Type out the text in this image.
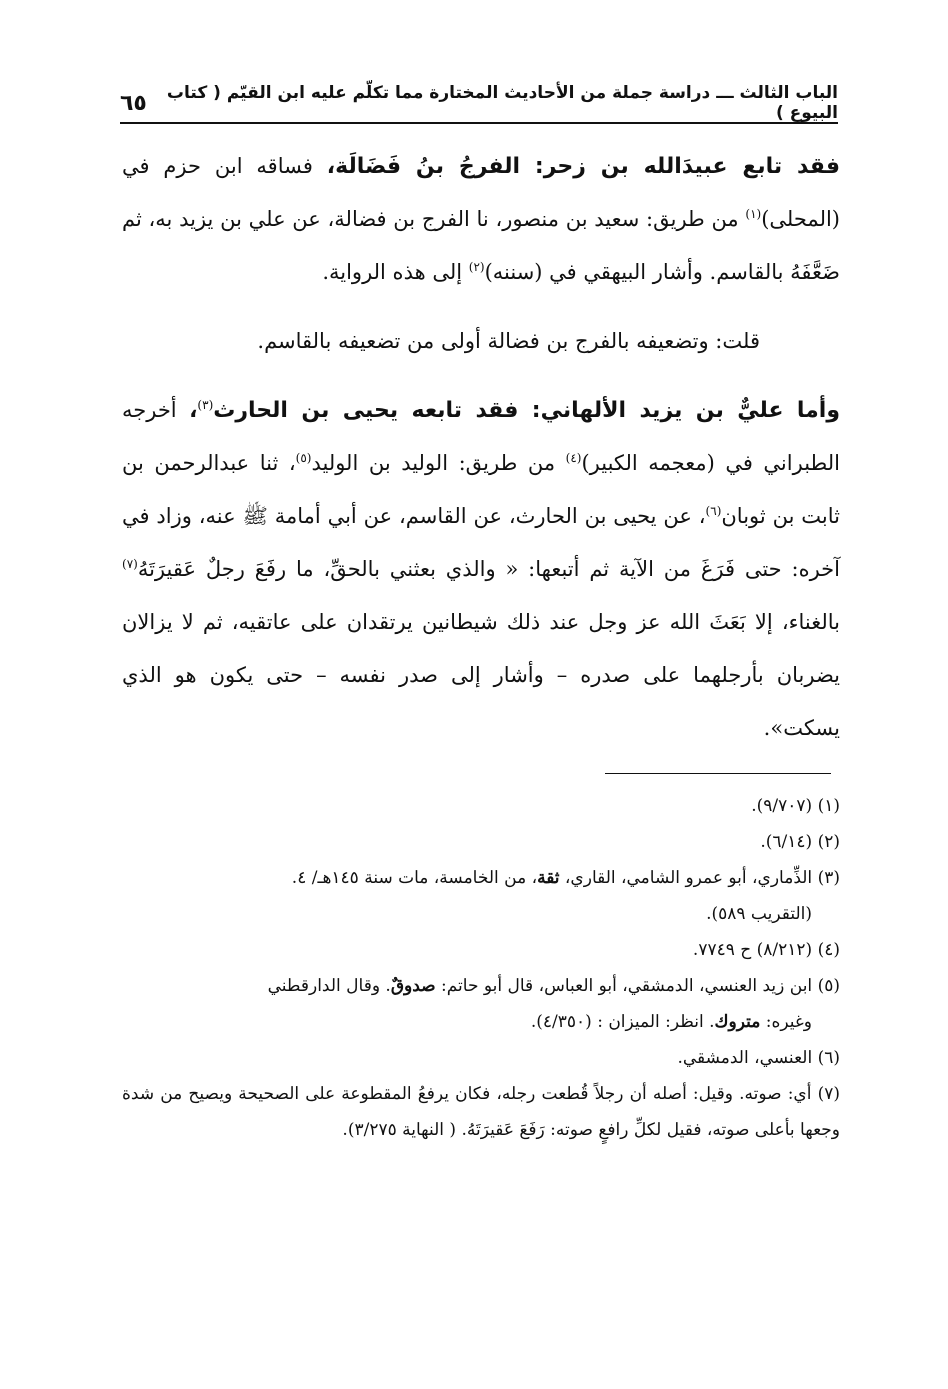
الباب الثالث ـــ دراسة جملة من الأحاديث المختارة مما تكلّم عليه ابن القيّم ( كتاب البيوع )
٦٥

فقد تابع عبيدَالله بن زحر: الفرجُ بنُ فَضَالَة، فساقه ابن حزم في (المحلى)$^{(١)}$ من طريق: سعيد بن منصور، نا الفرج بن فضالة، عن علي بن يزيد به، ثم ضَعَّفَهُ بالقاسم. وأشار البيهقي في (سننه)$^{(٢)}$ إلى هذه الرواية.

قلت: وتضعيفه بالفرج بن فضالة أولى من تضعيفه بالقاسم.

وأما عليٌّ بن يزيد الألهاني: فقد تابعه يحيى بن الحارث$^{(٣)}$، أخرجه الطبراني في (معجمه الكبير)$^{(٤)}$ من طريق: الوليد بن الوليد$^{(٥)}$، ثنا عبدالرحمن بن ثابت بن ثوبان$^{(٦)}$، عن يحيى بن الحارث، عن القاسم، عن أبي أمامة ﷺ عنه، وزاد في آخره: حتى فَرَغَ من الآية ثم أتبعها: « والذي بعثني بالحقِّ، ما رفَعَ رجلٌ عَقيرَتَهُ$^{(٧)}$ بالغناء، إلا بَعَثَ الله عز وجل عند ذلك شيطانين يرتقدان على عاتقيه، ثم لا يزالان يضربان بأرجلهما على صدره – وأشار إلى صدر نفسه – حتى يكون هو الذي يسكت».

(١) (٩/٧٠٧).

(٢) (٦/١٤).

(٣) الذِّماري، أبو عمرو الشامي، القاري، ثقة، من الخامسة، مات سنة ١٤٥هـ/ ٤.
(التقريب ٥٨٩).

(٤) (٨/٢١٢) ح ٧٧٤٩.

(٥) ابن زيد العنسي، الدمشقي، أبو العباس، قال أبو حاتم: صدوقٌ. وقال الدارقطني
وغيره: متروك. انظر: الميزان : (٤/٣٥٠).

(٦) العنسي، الدمشقي.

(٧) أي: صوته. وقيل: أصله أن رجلاً قُطعت رجله، فكان يرفعُ المقطوعة على الصحيحة ويصيح من شدة وجعها بأعلى صوته، فقيل لكلِّ رافعٍ صوته: رَفَعَ عَقيرَتَهُ. ( النهاية ٣/٢٧٥).
